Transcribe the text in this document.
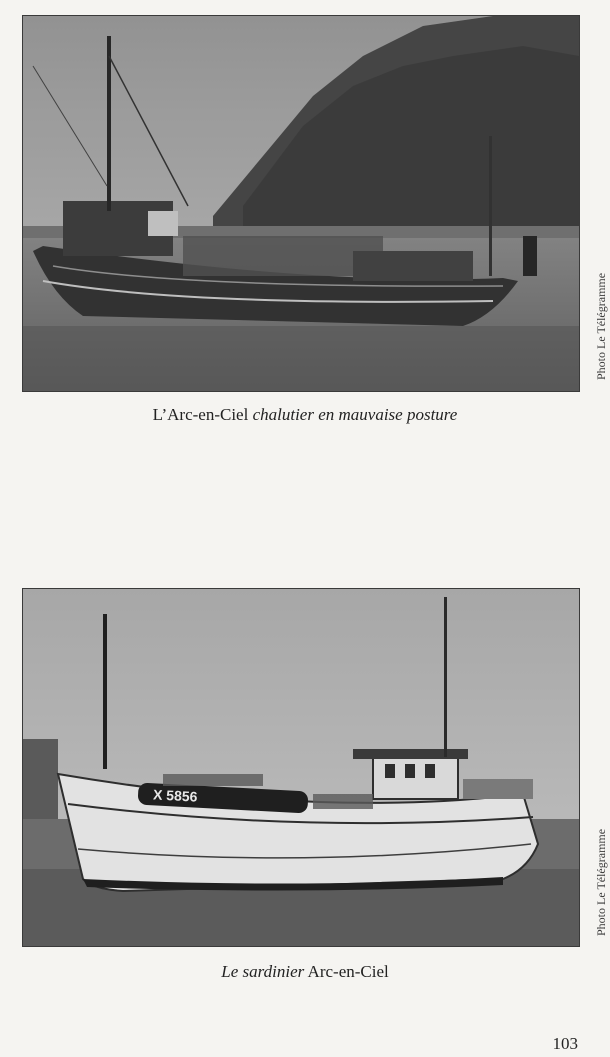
Photo Le Télégramme
L’Arc-en-Ciel chalutier en mauvaise posture
X 5856
Photo Le Télégramme
Le sardinier Arc-en-Ciel
103
